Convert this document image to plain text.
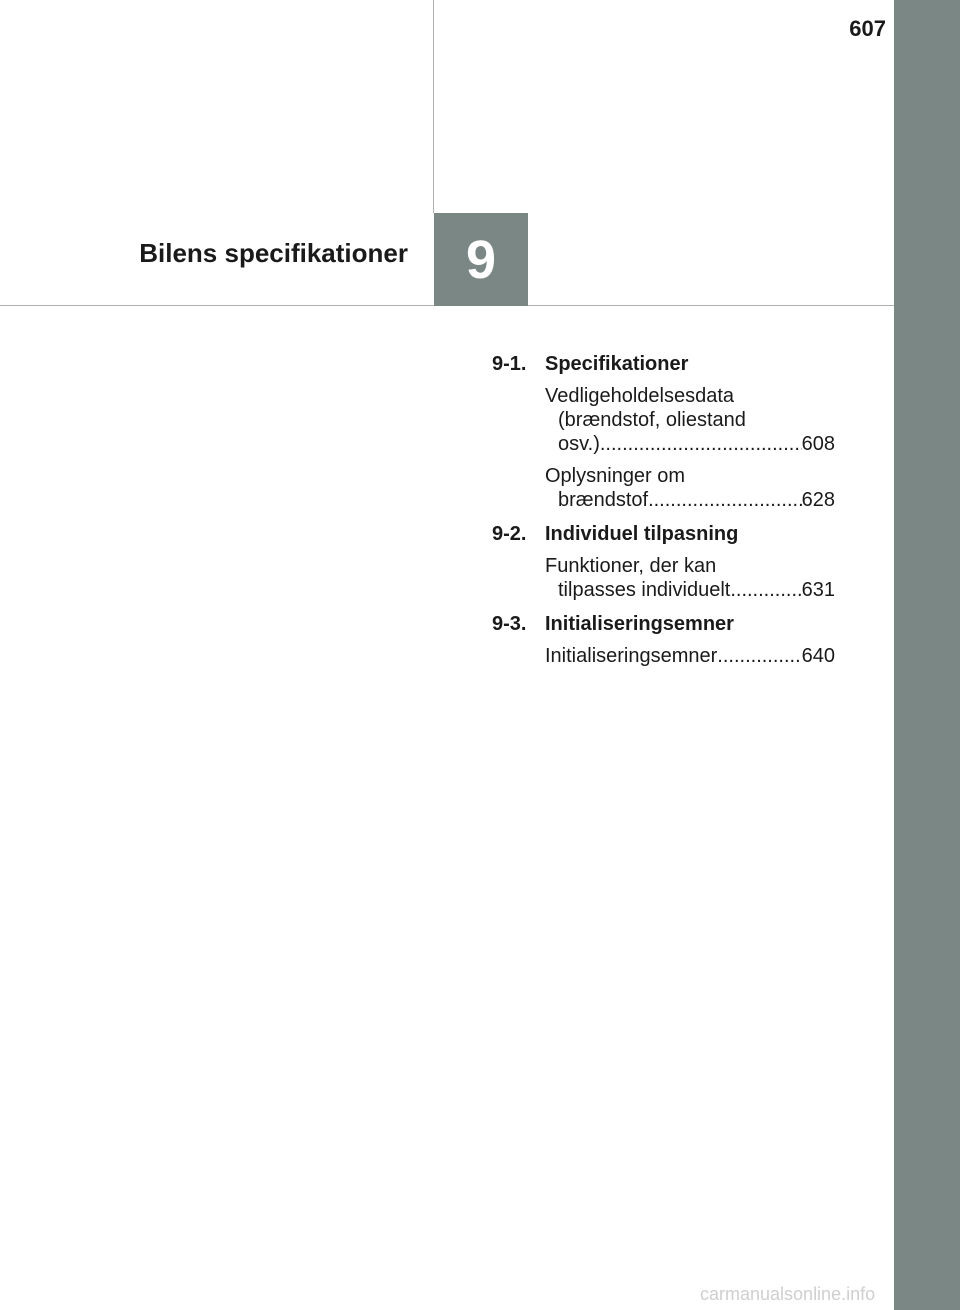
607
Bilens specifikationer 9
9-1. Specifikationer
Vedligeholdelsesdata
(brændstof, oliestand
osv.) .....	608
Oplysninger om
brændstof .....	628
9-2. Individuel tilpasning
Funktioner, der kan
tilpasses individuelt .....	631
9-3. Initialiseringsemner
Initialiseringsemner .....	640
carmanualsonline.info
